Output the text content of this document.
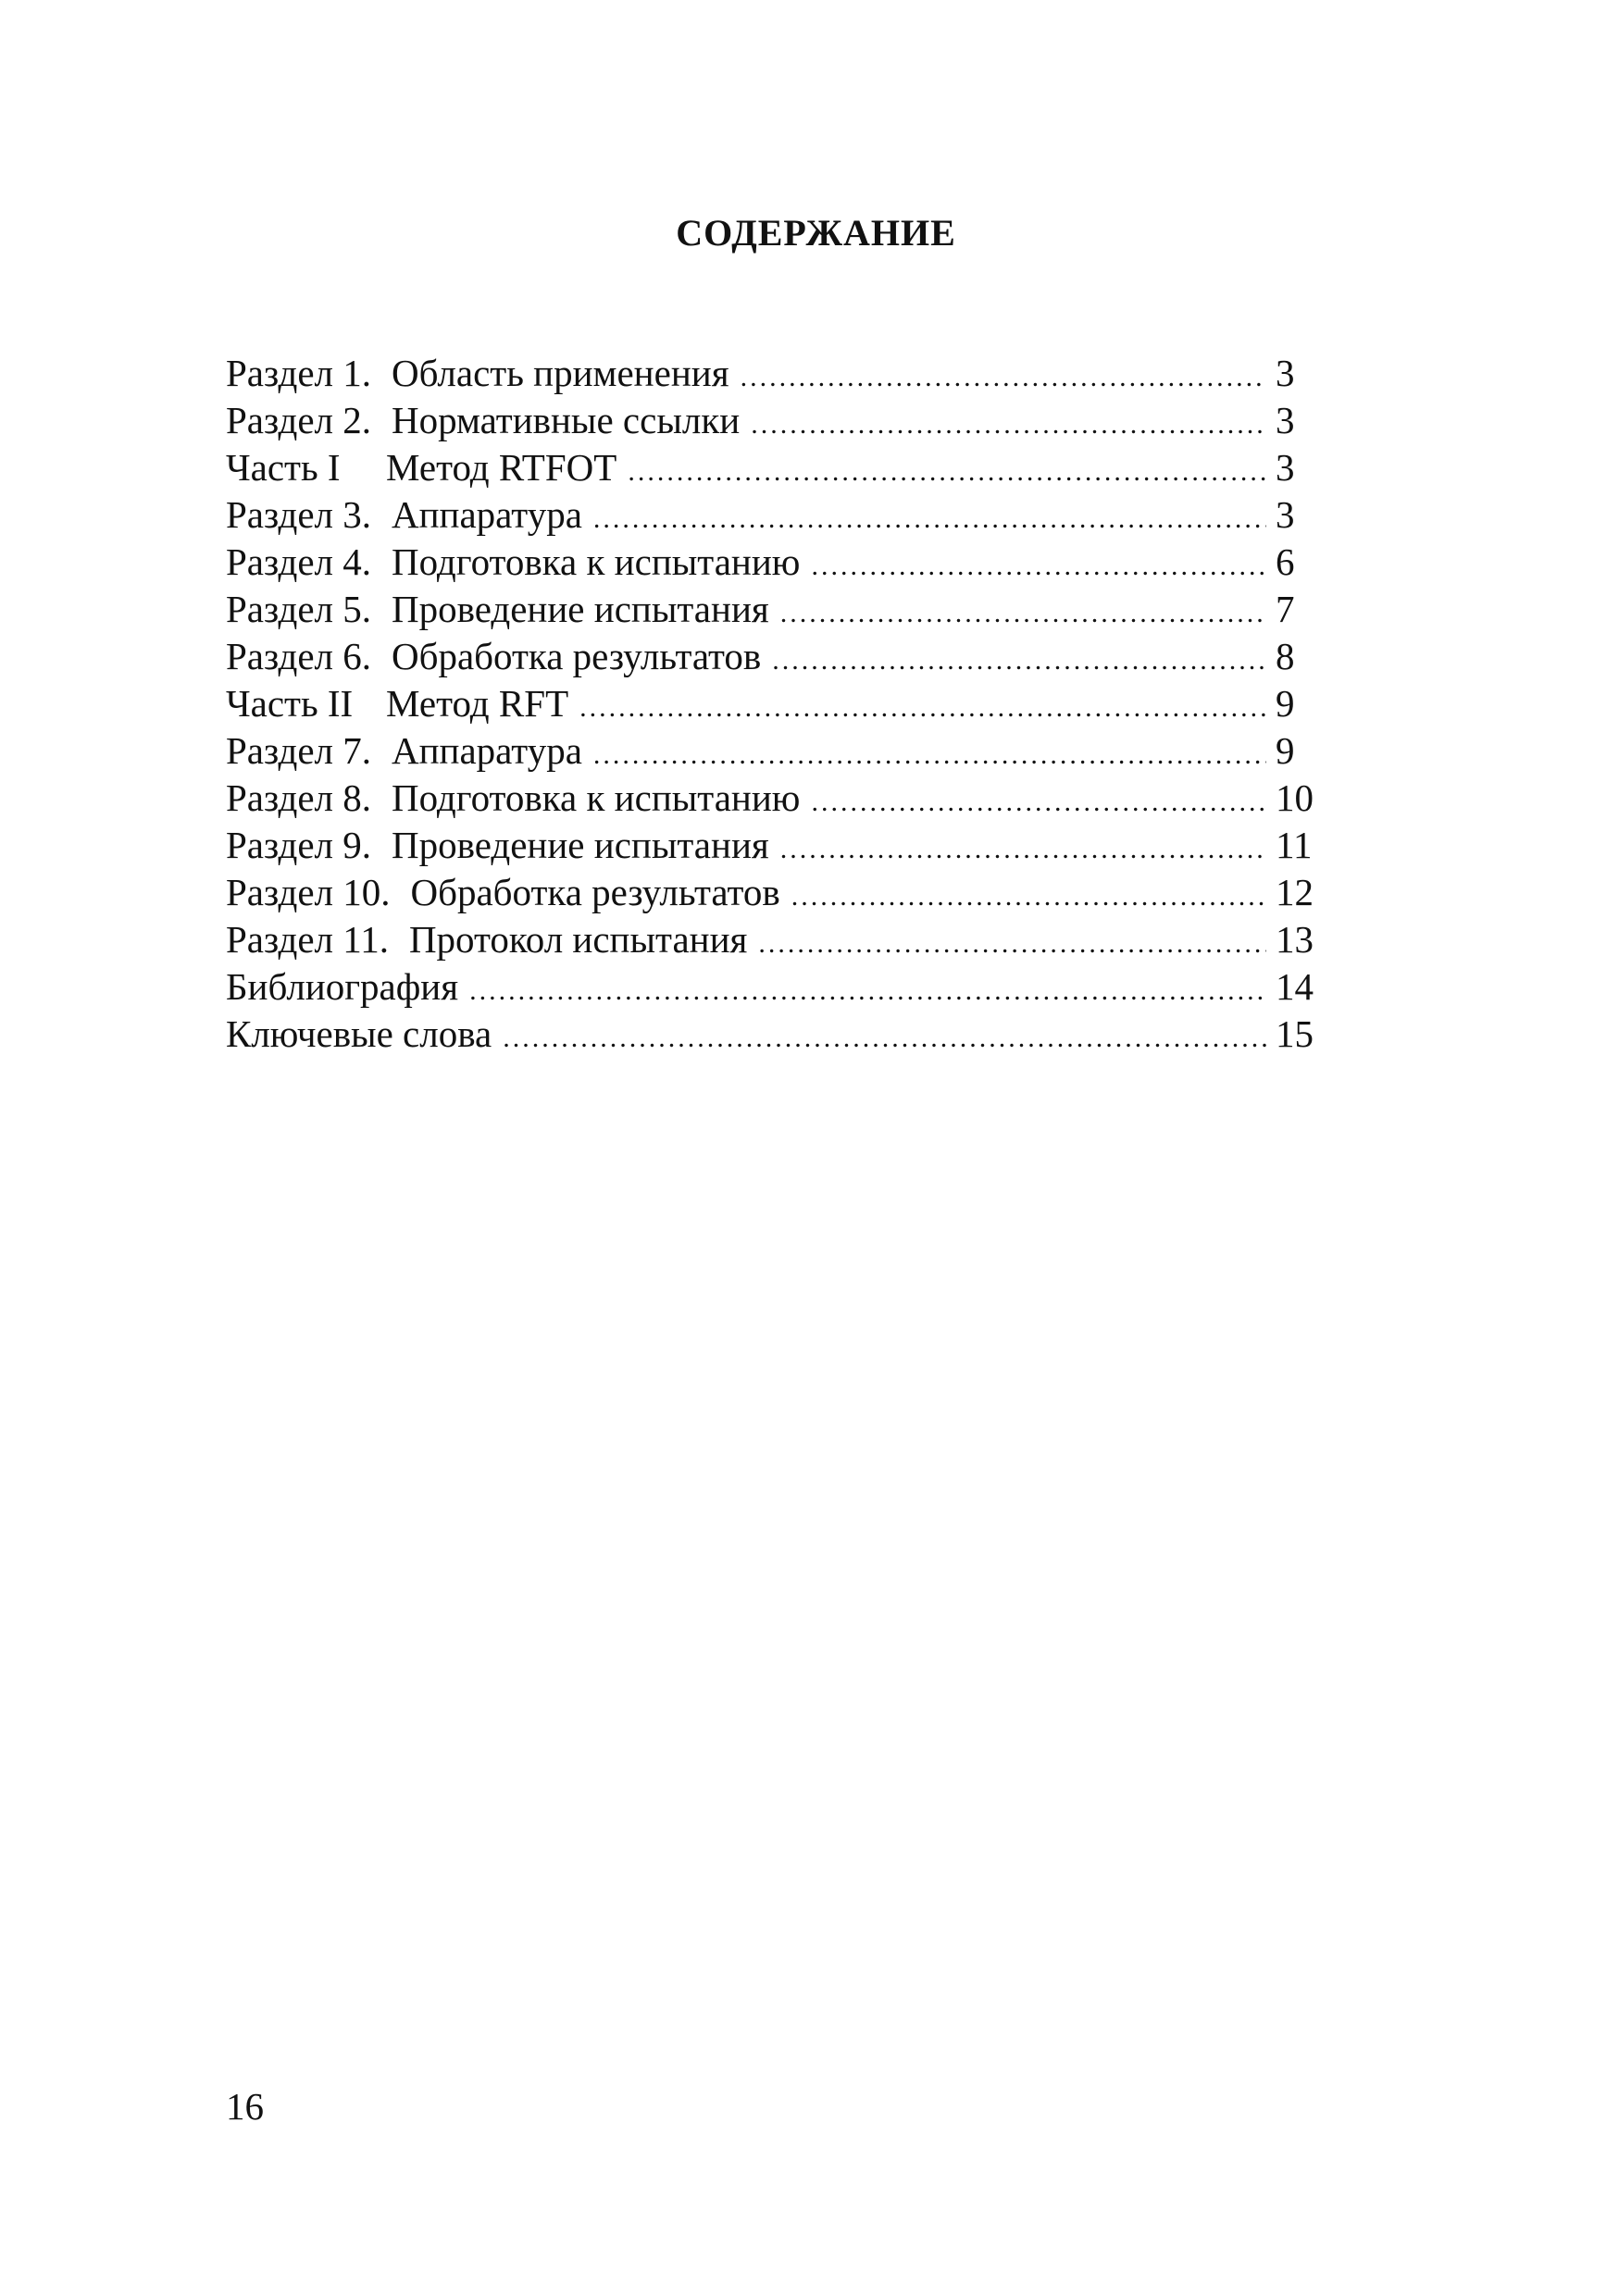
СОДЕРЖАНИЕ
Раздел 1. Область применения .....	3
Раздел 2. Нормативные ссылки .....	3
Часть I Метод RTFOT .....	3
Раздел 3. Аппаратура .....	3
Раздел 4. Подготовка к испытанию .....	6
Раздел 5. Проведение испытания .....	7
Раздел 6. Обработка результатов .....	8
Часть II Метод RFT .....	9
Раздел 7. Аппаратура .....	9
Раздел 8. Подготовка к испытанию .....	10
Раздел 9. Проведение испытания .....	11
Раздел 10. Обработка результатов .....	12
Раздел 11. Протокол испытания .....	13
Библиография .....	14
Ключевые слова .....	15

16
